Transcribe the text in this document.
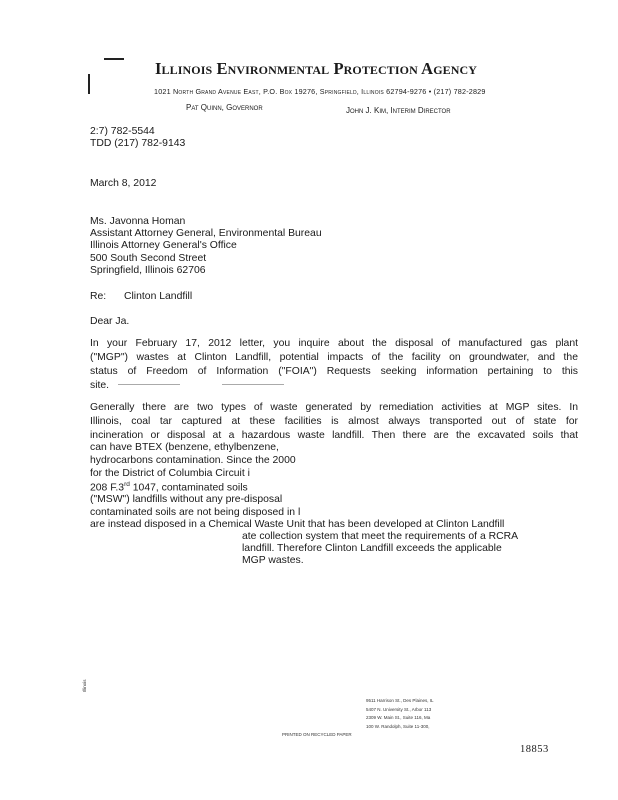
Illinois Environmental Protection Agency
1021 North Grand Avenue East, P.O. Box 19276, Springfield, Illinois 62794-9276 • (217) 782-2829
Pat Quinn, Governor	John J. Kim, Interim Director
2:7) 782-5544
TDD (217) 782-9143
March 8, 2012
Ms. Javonna Homan
Assistant Attorney General, Environmental Bureau
Illinois Attorney General's Office
500 South Second Street
Springfield, Illinois 62706
Re: Clinton Landfill
Dear Ja.
In your February 17, 2012 letter, you inquire about the disposal of manufactured gas plant
("MGP") wastes at Clinton Landfill, potential impacts of the facility on groundwater, and the
status of Freedom of Information ("FOIA") Requests seeking information pertaining to this
site.
Generally there are two types of waste generated by remediation activities at MGP sites. In
Illinois, coal tar captured at these facilities is almost always transported out of state for
incineration or disposal at a hazardous waste landfill. Then there are the excavated soils that
can have BTEX (benzene, ethylbenzene,
hydrocarbons contamination. Since the 2000
for the District of Columbia Circuit i
208 F.3rd 1047, contaminated soils
("MSW") landfills without any pre-disposal
contaminated soils are not being disposed in l
are instead disposed in a Chemical Waste Unit that has been developed at Clinton Landfill
ate collection system that meet the requirements of a RCRA
landfill. Therefore Clinton Landfill exceeds the applicable
MGP wastes.
Illinois
9511 Harrison St., Des Plaines, IL
5407 N. University St., Arbor 113
2309 W. Main St., Suite 116, Ma
100 W. Randolph, Suite 11-300,
PRINTED ON RECYCLED PAPER
18853
